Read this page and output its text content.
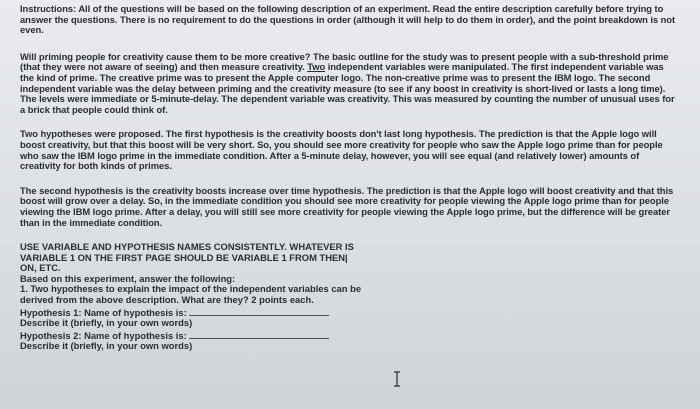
Instructions: All of the questions will be based on the following description of an experiment. Read the entire description carefully before trying to answer the questions. There is no requirement to do the questions in order (although it will help to do them in order), and the point breakdown is not even.

Will priming people for creativity cause them to be more creative? The basic outline for the study was to present people with a sub-threshold prime (that they were not aware of seeing) and then measure creativity. Two independent variables were manipulated. The first independent variable was the kind of prime. The creative prime was to present the Apple computer logo. The non-creative prime was to present the IBM logo. The second independent variable was the delay between priming and the creativity measure (to see if any boost in creativity is short-lived or lasts a long time). The levels were immediate or 5-minute-delay. The dependent variable was creativity. This was measured by counting the number of unusual uses for a brick that people could think of.

Two hypotheses were proposed. The first hypothesis is the creativity boosts don't last long hypothesis. The prediction is that the Apple logo will boost creativity, but that this boost will be very short. So, you should see more creativity for people who saw the Apple logo prime than for people who saw the IBM logo prime in the immediate condition. After a 5-minute delay, however, you will see equal (and relatively lower) amounts of creativity for both kinds of primes.

The second hypothesis is the creativity boosts increase over time hypothesis. The prediction is that the Apple logo will boost creativity and that this boost will grow over a delay. So, in the immediate condition you should see more creativity for people viewing the Apple logo prime than for people viewing the IBM logo prime. After a delay, you will still see more creativity for people viewing the Apple logo prime, but the difference will be greater than in the immediate condition.

USE VARIABLE AND HYPOTHESIS NAMES CONSISTENTLY. WHATEVER IS
VARIABLE 1 ON THE FIRST PAGE SHOULD BE VARIABLE 1 FROM THEN|
ON, ETC.
Based on this experiment, answer the following:
1. Two hypotheses to explain the impact of the independent variables can be
derived from the above description. What are they? 2 points each.
Hypothesis 1: Name of hypothesis is:
Describe it (briefly, in your own words)
Hypothesis 2: Name of hypothesis is:
Describe it (briefly, in your own words)
